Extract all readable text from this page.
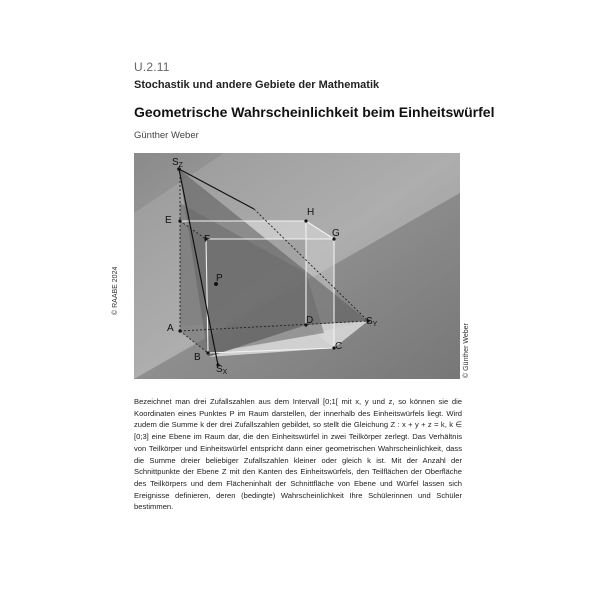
U.2.11
Stochastik und andere Gebiete der Mathematik
Geometrische Wahrscheinlichkeit beim Einheitswürfel
Günther Weber
© RAABE 2024
© Günther Weber
$S_Z$
E
F
H
G
P
A
D
B
C
$S_Y$
$S_X$

Bezeichnet man drei Zufallszahlen aus dem Intervall [0;1[ mit x, y und z, so können sie die Koordinaten eines Punktes P im Raum darstellen, der innerhalb des Einheitswürfels liegt. Wird zudem die Summe k der drei Zufallszahlen gebildet, so stellt die Gleichung Z : x + y + z = k, k ∈ [0;3] eine Ebene im Raum dar, die den Einheitswürfel in zwei Teilkörper zerlegt. Das Verhältnis von Teilkörper und Einheitswürfel entspricht dann einer geometrischen Wahrscheinlichkeit, dass die Summe dreier beliebiger Zufallszahlen kleiner oder gleich k ist. Mit der Anzahl der Schnittpunkte der Ebene Z mit den Kanten des Einheitswürfels, den Teilflächen der Oberfläche des Teilkörpers und dem Flächeninhalt der Schnittfläche von Ebene und Würfel lassen sich Ereignisse definieren, deren (bedingte) Wahrscheinlichkeit Ihre Schülerinnen und Schüler bestimmen.
